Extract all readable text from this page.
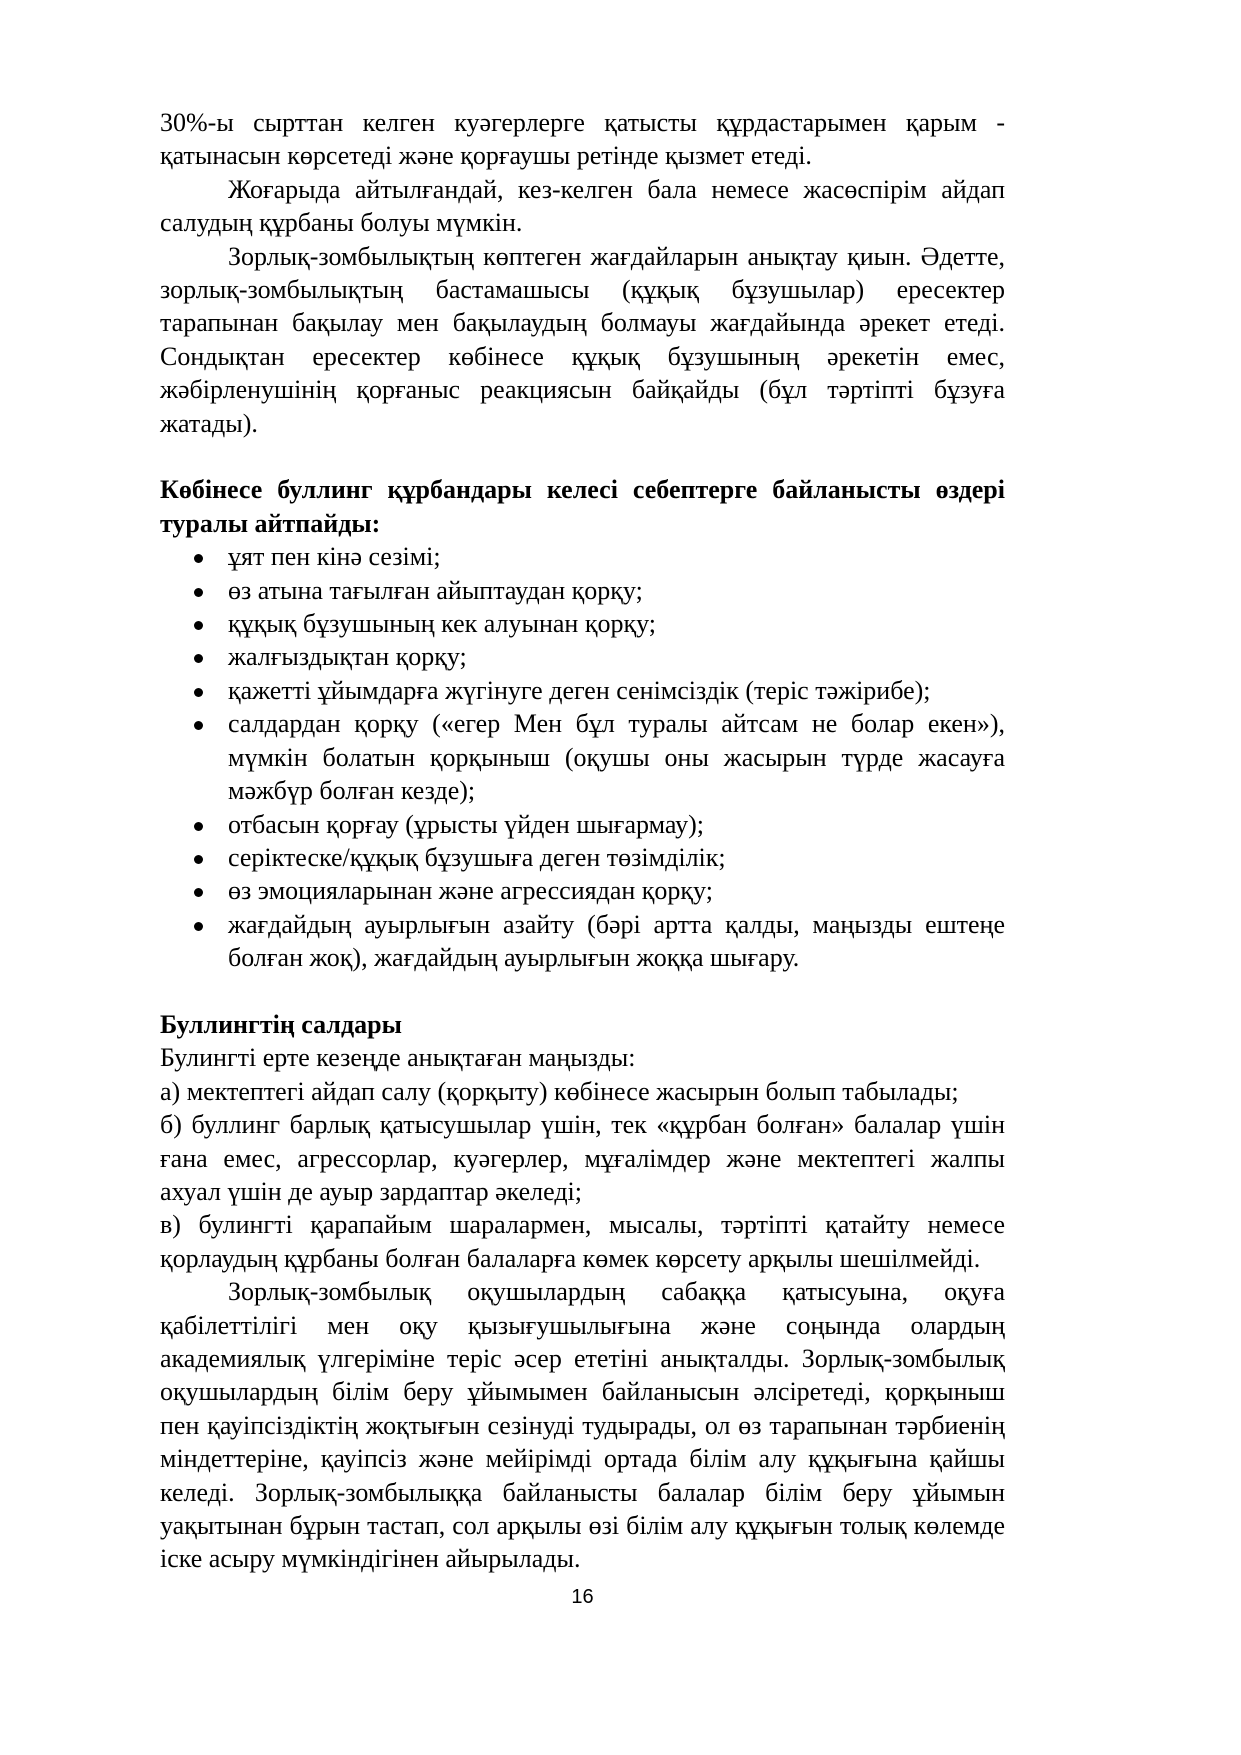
30%-ы сырттан келген куәгерлерге қатысты құрдастарымен қарым - қатынасын көрсетеді және қорғаушы ретінде қызмет етеді.

Жоғарыда айтылғандай, кез-келген бала немесе жасөспірім айдап салудың құрбаны болуы мүмкін.

Зорлық-зомбылықтың көптеген жағдайларын анықтау қиын. Әдетте, зорлық-зомбылықтың бастамашысы (құқық бұзушылар) ересектер тарапынан бақылау мен бақылаудың болмауы жағдайында әрекет етеді. Сондықтан ересектер көбінесе құқық бұзушының әрекетін емес, жәбірленушінің қорғаныс реакциясын байқайды (бұл тәртіпті бұзуға жатады).

Көбінесе буллинг құрбандары келесі себептерге байланысты өздері туралы айтпайды:

ұят пен кінә сезімі;
өз атына тағылған айыптаудан қорқу;
құқық бұзушының кек алуынан қорқу;
жалғыздықтан қорқу;
қажетті ұйымдарға жүгінуге деген сенімсіздік (теріс тәжірибе);
салдардан қорқу («егер Мен бұл туралы айтсам не болар екен»), мүмкін болатын қорқыныш (оқушы оны жасырын түрде жасауға мәжбүр болған кезде);
отбасын қорғау (ұрысты үйден шығармау);
серіктеске/құқық бұзушыға деген төзімділік;
өз эмоцияларынан және агрессиядан қорқу;
жағдайдың ауырлығын азайту (бәрі артта қалды, маңызды ештеңе болған жоқ), жағдайдың ауырлығын жоққа шығару.

Буллингтің салдары

Булингті ерте кезеңде анықтаған маңызды:

а) мектептегі айдап салу (қорқыту) көбінесе жасырын болып табылады;

б) буллинг барлық қатысушылар үшін, тек «құрбан болған» балалар үшін ғана емес, агрессорлар, куәгерлер, мұғалімдер және мектептегі жалпы ахуал үшін де ауыр зардаптар әкеледі;

в) булингті қарапайым шаралармен, мысалы, тәртіпті қатайту немесе қорлаудың құрбаны болған балаларға көмек көрсету арқылы шешілмейді.

Зорлық-зомбылық оқушылардың сабаққа қатысуына, оқуға қабілеттілігі мен оқу қызығушылығына және соңында олардың академиялық үлгеріміне теріс әсер ететіні анықталды. Зорлық-зомбылық оқушылардың білім беру ұйымымен байланысын әлсіретеді, қорқыныш пен қауіпсіздіктің жоқтығын сезінуді тудырады, ол өз тарапынан тәрбиенің міндеттеріне, қауіпсіз және мейірімді ортада білім алу құқығына қайшы келеді. Зорлық-зомбылыққа байланысты балалар білім беру ұйымын уақытынан бұрын тастап, сол арқылы өзі білім алу құқығын толық көлемде іске асыру мүмкіндігінен айырылады.

16
